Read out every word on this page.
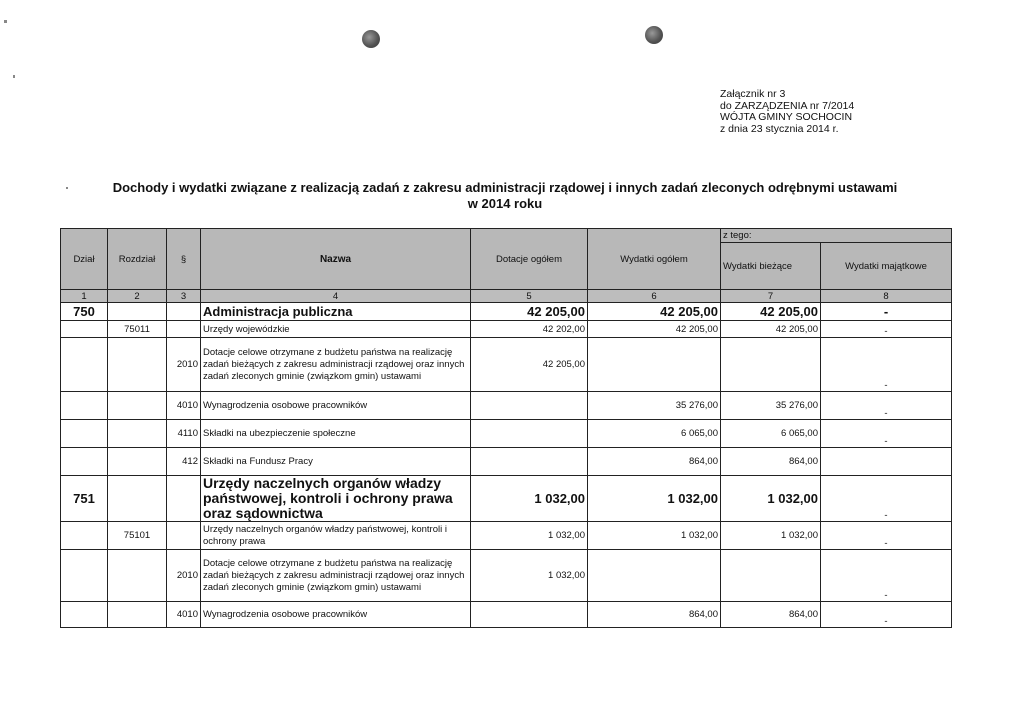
Załącznik nr 3
do ZARZĄDZENIA nr 7/2014
WÓJTA GMINY SOCHOCIN
z dnia 23 stycznia 2014 r.
Dochody i wydatki związane z realizacją zadań z zakresu administracji rządowej i innych zadań zleconych odrębnymi ustawami
w 2014 roku
Dział	Rozdział	§	Nazwa	Dotacje ogółem	Wydatki ogółem	z tego:	
						Wydatki bieżące	Wydatki majątkowe
1	2	3	4	5	6	7	8
750			Administracja publiczna	42 205,00	42 205,00	42 205,00	-
	75011		Urzędy wojewódzkie	42 202,00	42 205,00	42 205,00	-
		2010	Dotacje celowe otrzymane z budżetu państwa na realizację zadań bieżących z zakresu administracji rządowej oraz innych zadań zleconych gminie (związkom gmin) ustawami	42 205,00			-
		4010	Wynagrodzenia osobowe pracowników		35 276,00	35 276,00	-
		4110	Składki na ubezpieczenie społeczne		6 065,00	6 065,00	-
		412	Składki na Fundusz Pracy		864,00	864,00	
751			Urzędy naczelnych organów władzy państwowej, kontroli i ochrony prawa oraz sądownictwa	1 032,00	1 032,00	1 032,00	-
	75101		Urzędy naczelnych organów władzy państwowej, kontroli i ochrony prawa	1 032,00	1 032,00	1 032,00	-
		2010	Dotacje celowe otrzymane z budżetu państwa na realizację zadań bieżących z zakresu administracji rządowej oraz innych zadań zleconych gminie (związkom gmin) ustawami	1 032,00			-
		4010	Wynagrodzenia osobowe pracowników		864,00	864,00	-
